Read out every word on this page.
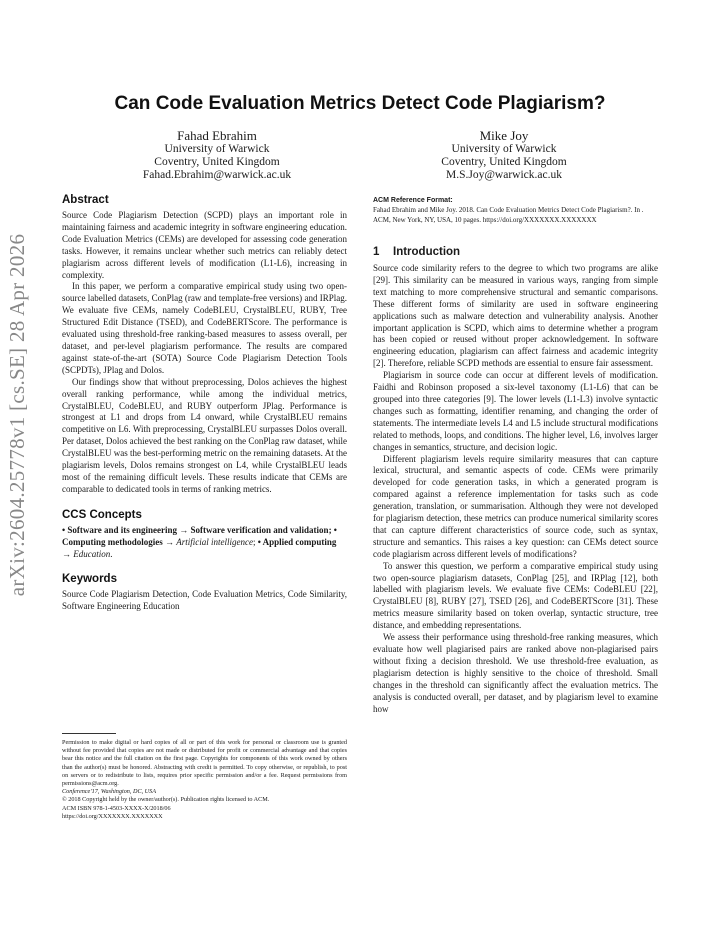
arXiv:2604.25778v1 [cs.SE] 28 Apr 2026
Can Code Evaluation Metrics Detect Code Plagiarism?
Fahad Ebrahim
University of Warwick
Coventry, United Kingdom
Fahad.Ebrahim@warwick.ac.uk
Mike Joy
University of Warwick
Coventry, United Kingdom
M.S.Joy@warwick.ac.uk
Abstract

Source Code Plagiarism Detection (SCPD) plays an important role in maintaining fairness and academic integrity in software engineering education. Code Evaluation Metrics (CEMs) are developed for assessing code generation tasks. However, it remains unclear whether such metrics can reliably detect plagiarism across different levels of modification (L1-L6), increasing in complexity.

In this paper, we perform a comparative empirical study using two open-source labelled datasets, ConPlag (raw and template-free versions) and IRPlag. We evaluate five CEMs, namely CodeBLEU, CrystalBLEU, RUBY, Tree Structured Edit Distance (TSED), and CodeBERTScore. The performance is evaluated using threshold-free ranking-based measures to assess overall, per dataset, and per-level plagiarism performance. The results are compared against state-of-the-art (SOTA) Source Code Plagiarism Detection Tools (SCPDTs), JPlag and Dolos.

Our findings show that without preprocessing, Dolos achieves the highest overall ranking performance, while among the individual metrics, CrystalBLEU, CodeBLEU, and RUBY outperform JPlag. Performance is strongest at L1 and drops from L4 onward, while CrystalBLEU remains competitive on L6. With preprocessing, CrystalBLEU surpasses Dolos overall. Per dataset, Dolos achieved the best ranking on the ConPlag raw dataset, while CrystalBLEU was the best-performing metric on the remaining datasets. At the plagiarism levels, Dolos remains strongest on L4, while CrystalBLEU leads most of the remaining difficult levels. These results indicate that CEMs are comparable to dedicated tools in terms of ranking metrics.

CCS Concepts

• Software and its engineering → Software verification and validation; • Computing methodologies → Artificial intelligence; • Applied computing → Education.

Keywords

Source Code Plagiarism Detection, Code Evaluation Metrics, Code Similarity, Software Engineering Education

Permission to make digital or hard copies of all or part of this work for personal or classroom use is granted without fee provided that copies are not made or distributed for profit or commercial advantage and that copies bear this notice and the full citation on the first page. Copyrights for components of this work owned by others than the author(s) must be honored. Abstracting with credit is permitted. To copy otherwise, or republish, to post on servers or to redistribute to lists, requires prior specific permission and/or a fee. Request permissions from permissions@acm.org.

Conference'17, Washington, DC, USA

© 2018 Copyright held by the owner/author(s). Publication rights licensed to ACM.

ACM ISBN 978-1-4503-XXXX-X/2018/06

https://doi.org/XXXXXXX.XXXXXXX

ACM Reference Format:

Fahad Ebrahim and Mike Joy. 2018. Can Code Evaluation Metrics Detect Code Plagiarism?. In . ACM, New York, NY, USA, 10 pages. https://doi.org/XXXXXXX.XXXXXXX

1 Introduction

Source code similarity refers to the degree to which two programs are alike [29]. This similarity can be measured in various ways, ranging from simple text matching to more comprehensive structural and semantic comparisons. These different forms of similarity are used in software engineering applications such as malware detection and vulnerability analysis. Another important application is SCPD, which aims to determine whether a program has been copied or reused without proper acknowledgement. In software engineering education, plagiarism can affect fairness and academic integrity [2]. Therefore, reliable SCPD methods are essential to ensure fair assessment.

Plagiarism in source code can occur at different levels of modification. Faidhi and Robinson proposed a six-level taxonomy (L1-L6) that can be grouped into three categories [9]. The lower levels (L1-L3) involve syntactic changes such as formatting, identifier renaming, and changing the order of statements. The intermediate levels L4 and L5 include structural modifications related to methods, loops, and conditions. The higher level, L6, involves larger changes in semantics, structure, and decision logic.

Different plagiarism levels require similarity measures that can capture lexical, structural, and semantic aspects of code. CEMs were primarily developed for code generation tasks, in which a generated program is compared against a reference implementation for tasks such as code generation, translation, or summarisation. Although they were not developed for plagiarism detection, these metrics can produce numerical similarity scores that can capture different characteristics of source code, such as syntax, structure and semantics. This raises a key question: can CEMs detect source code plagiarism across different levels of modifications?

To answer this question, we perform a comparative empirical study using two open-source plagiarism datasets, ConPlag [25], and IRPlag [12], both labelled with plagiarism levels. We evaluate five CEMs: CodeBLEU [22], CrystalBLEU [8], RUBY [27], TSED [26], and CodeBERTScore [31]. These metrics measure similarity based on token overlap, syntactic structure, tree distance, and embedding representations.

We assess their performance using threshold-free ranking measures, which evaluate how well plagiarised pairs are ranked above non-plagiarised pairs without fixing a decision threshold. We use threshold-free evaluation, as plagiarism detection is highly sensitive to the choice of threshold. Small changes in the threshold can significantly affect the evaluation metrics. The analysis is conducted overall, per dataset, and by plagiarism level to examine how
